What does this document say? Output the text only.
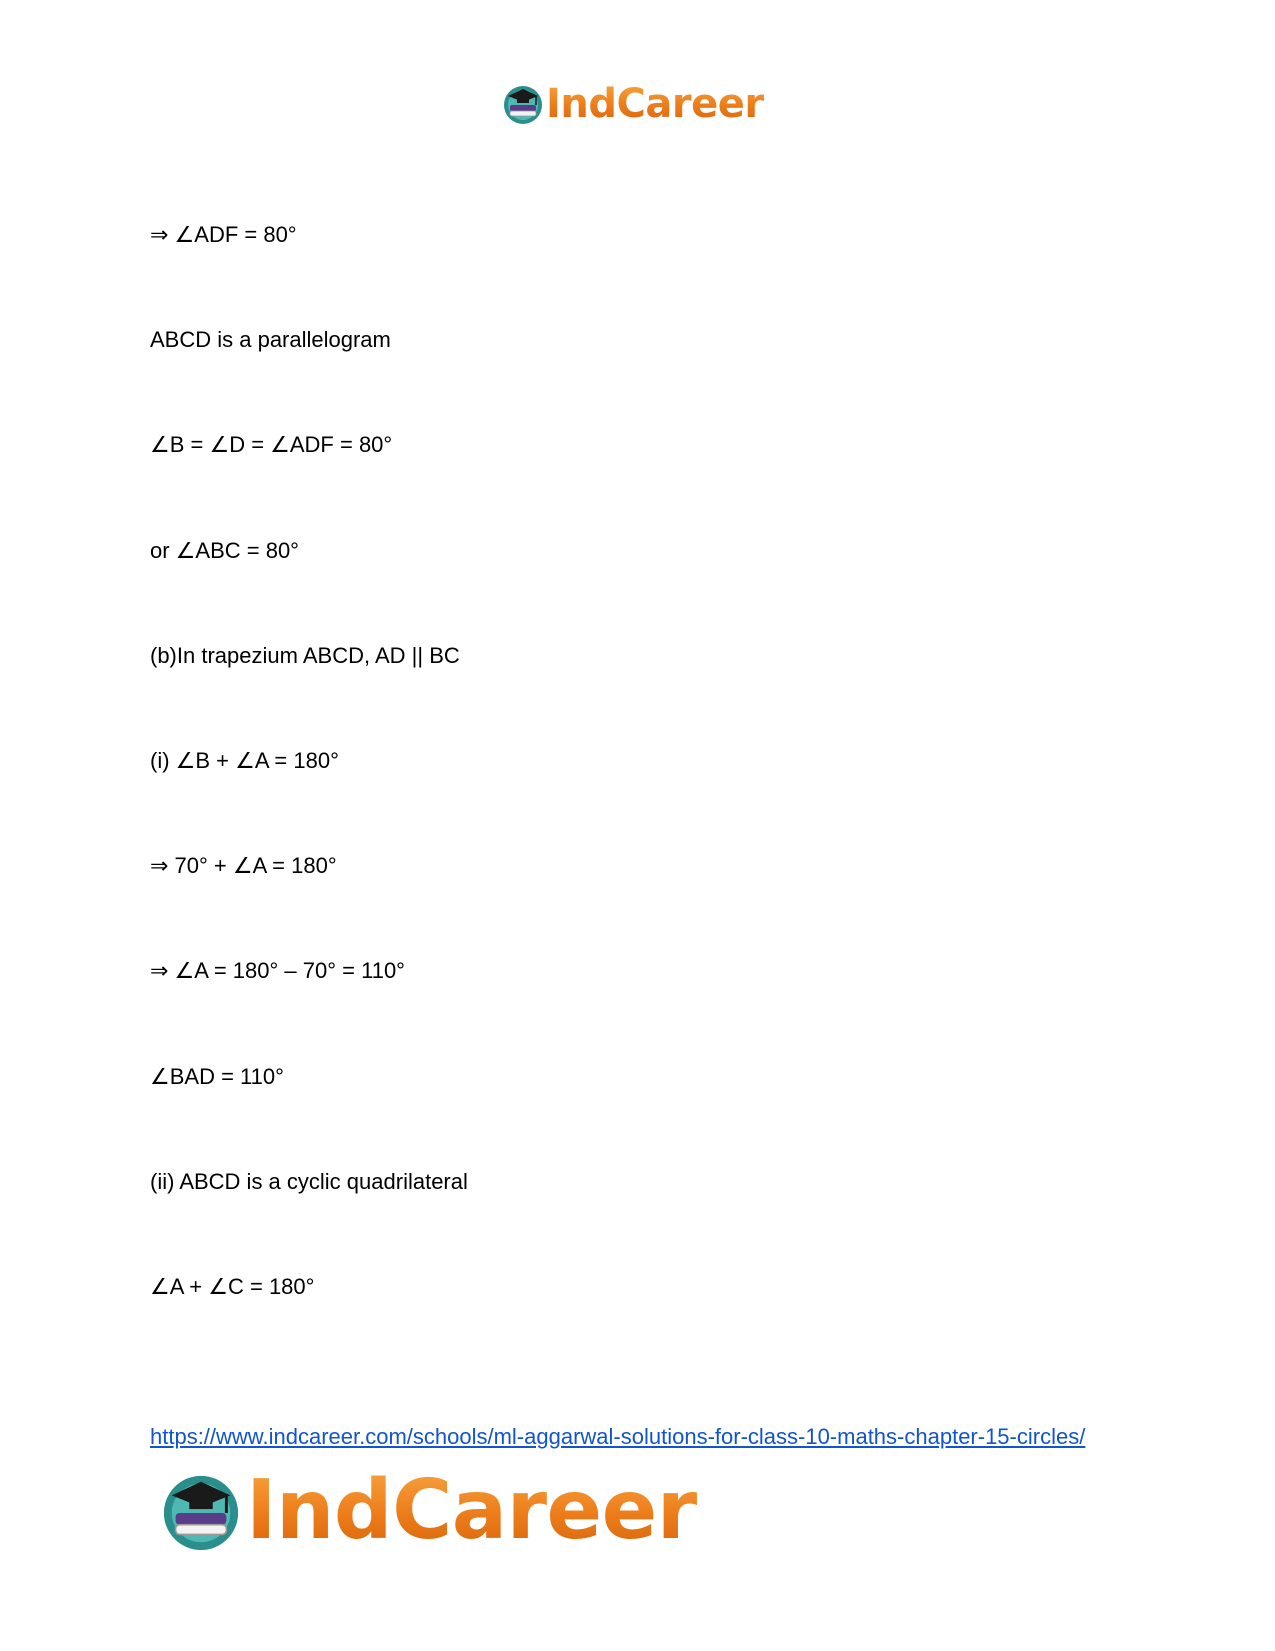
IndCareer
⇒ ∠ADF = 80°
ABCD is a parallelogram
∠B = ∠D = ∠ADF = 80°
or ∠ABC = 80°
(b)In trapezium ABCD, AD || BC
(i) ∠B + ∠A = 180°
⇒ 70° + ∠A = 180°
⇒ ∠A = 180° – 70° = 110°
∠BAD = 110°
(ii) ABCD is a cyclic quadrilateral
∠A + ∠C = 180°
https://www.indcareer.com/schools/ml-aggarwal-solutions-for-class-10-maths-chapter-15-circles/
IndCareer
